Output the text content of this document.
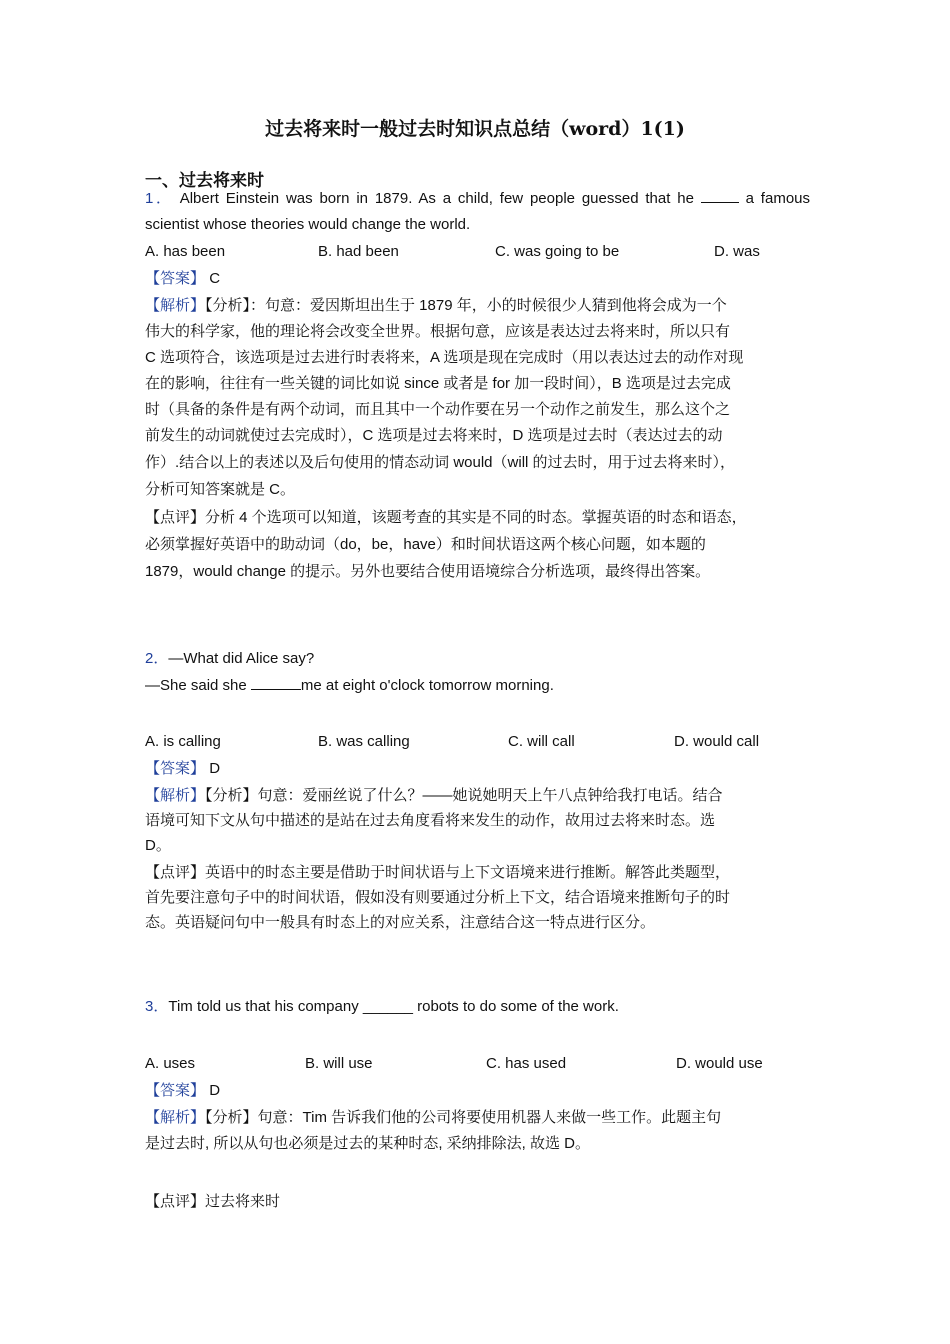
过去将来时一般过去时知识点总结（word）1(1)
一、过去将来时
1． Albert Einstein was born in 1879. As a child, few people guessed that he	a famous
scientist whose theories would change the world.
A. has been	B. had been	C. was going to be	D. was
【答案】 C
【解析】【分析】：句意：爱因斯坦出生于 1879 年，小的时候很少人猜到他将会成为一个
伟大的科学家，他的理论将会改变全世界。根据句意，应该是表达过去将来时，所以只有
C 选项符合，该选项是过去进行时表将来，A 选项是现在完成时（用以表达过去的动作对现
在的影响，往往有一些关键的词比如说 since 或者是 for 加一段时间），B 选项是过去完成
时（具备的条件是有两个动词，而且其中一个动作要在另一个动作之前发生，那么这个之
前发生的动词就使过去完成时），C 选项是过去将来时，D 选项是过去时（表达过去的动
作）.结合以上的表述以及后句使用的情态动词 would（will 的过去时，用于过去将来时），
分析可知答案就是 C。
【点评】分析 4 个选项可以知道，该题考查的其实是不同的时态。掌握英语的时态和语态，
必须掌握好英语中的助动词（do，be，have）和时间状语这两个核心问题，如本题的
1879，would change 的提示。另外也要结合使用语境综合分析选项，最终得出答案。
2．—What did Alice say?
—She said she	me at eight o'clock tomorrow morning.
A. is calling	B. was calling	C. will call	D. would call
【答案】 D
【解析】【分析】句意：爱丽丝说了什么？——她说她明天上午八点钟给我打电话。结合
语境可知下文从句中描述的是站在过去角度看将来发生的动作，故用过去将来时态。选
D。
【点评】英语中的时态主要是借助于时间状语与上下文语境来进行推断。解答此类题型，
首先要注意句子中的时间状语，假如没有则要通过分析上下文，结合语境来推断句子的时
态。英语疑问句中一般具有时态上的对应关系，注意结合这一特点进行区分。
3．Tim told us that his company ______ robots to do some of the work.
A. uses	B. will use	C. has used	D. would use
【答案】 D
【解析】【分析】句意：Tim 告诉我们他的公司将要使用机器人来做一些工作。此题主句
是过去时, 所以从句也必须是过去的某种时态, 采纳排除法, 故选 D。
【点评】过去将来时
